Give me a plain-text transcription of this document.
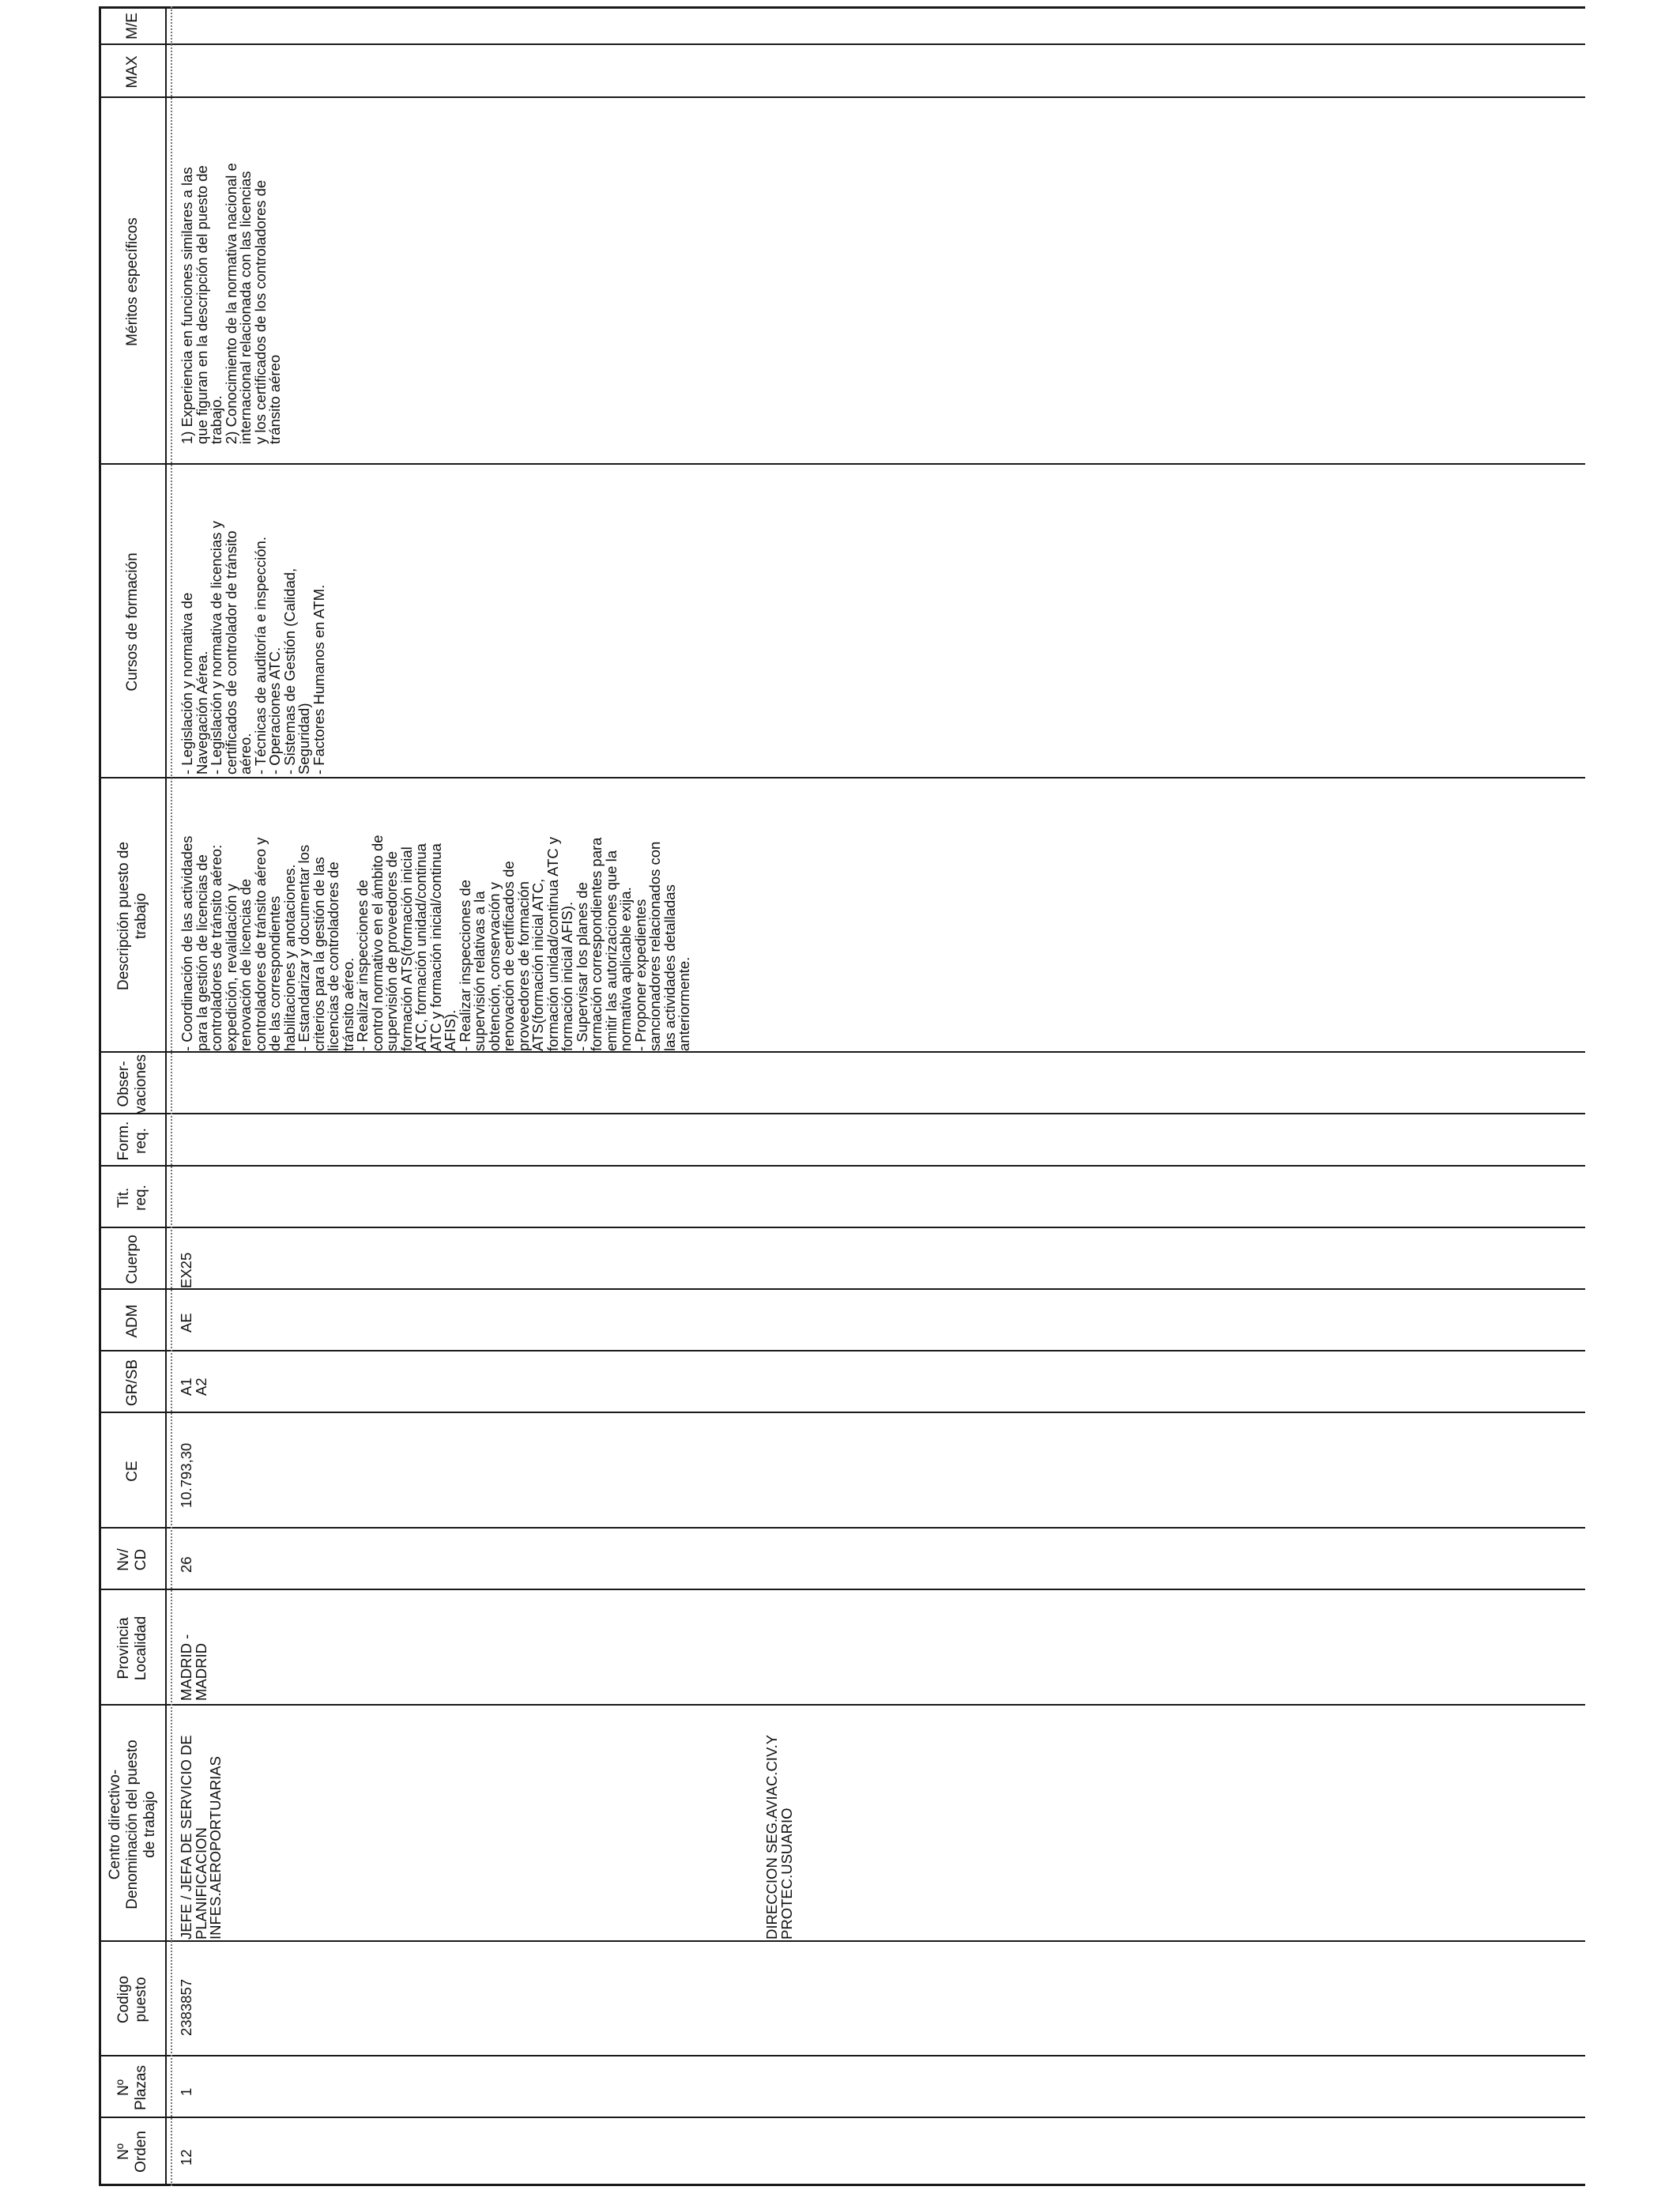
Nº
Orden
Nº
Plazas
Codigo
puesto
Centro directivo-
Denominación del puesto
de trabajo
Provincia
Localidad
Nv/
CD
CE
GR/SB
ADM
Cuerpo
Tit.
req.
Form.
req.
Obser-
vaciones
Descripción puesto de
trabajo
Cursos de formación
Méritos específicos
MAX
M/E
12
1
2383857
JEFE / JEFA DE SERVICIO DE
PLANIFICACION
INFES.AEROPORTUARIAS	DIRECCION SEG.AVIAC.CIV.Y
PROTEC.USUARIO
MADRID -
MADRID
26
10.793,30
A1
A2
AE
EX25
- Coordinación de las actividades
para la gestión de licencias de
controladores de tránsito aéreo:
expedición, revalidación y
renovación de licencias de
controladores de tránsito aéreo y
de las correspondientes
habilitaciones y anotaciones.
- Estandarizar y documentar los
criterios para la gestión de las
licencias de controladores de
tránsito aéreo.
- Realizar inspecciones de
control normativo en el ámbito de
supervisión de proveedores de
formación ATS(formación inicial
ATC, formación unidad/continua
ATC y formación inicial/continua
AFIS).
- Realizar inspecciones de
supervisión relativas a la
obtención, conservación y
renovación de certificados de
proveedores de formación
ATS(formación inicial ATC,
formación unidad/continua ATC y
formación inicial AFIS).
- Supervisar los planes de
formación correspondientes para
emitir las autorizaciones que la
normativa aplicable exija.
- Proponer expedientes
sancionadores relacionados con
las actividades detalladas
anteriormente.
- Legislación y normativa de
Navegación Aérea.
- Legislación y normativa de licencias y
certificados de controlador de tránsito
aéreo.
- Técnicas de auditoría e inspección.
- Operaciones ATC.
- Sistemas de Gestión (Calidad,
Seguridad)
- Factores Humanos en ATM.
1) Experiencia en funciones similares a las
que figuran en la descripción del puesto de
trabajo.
2) Conocimiento de la normativa nacional e
internacional relacionada con las licencias
y los certificados de los controladores de
tránsito aéreo
